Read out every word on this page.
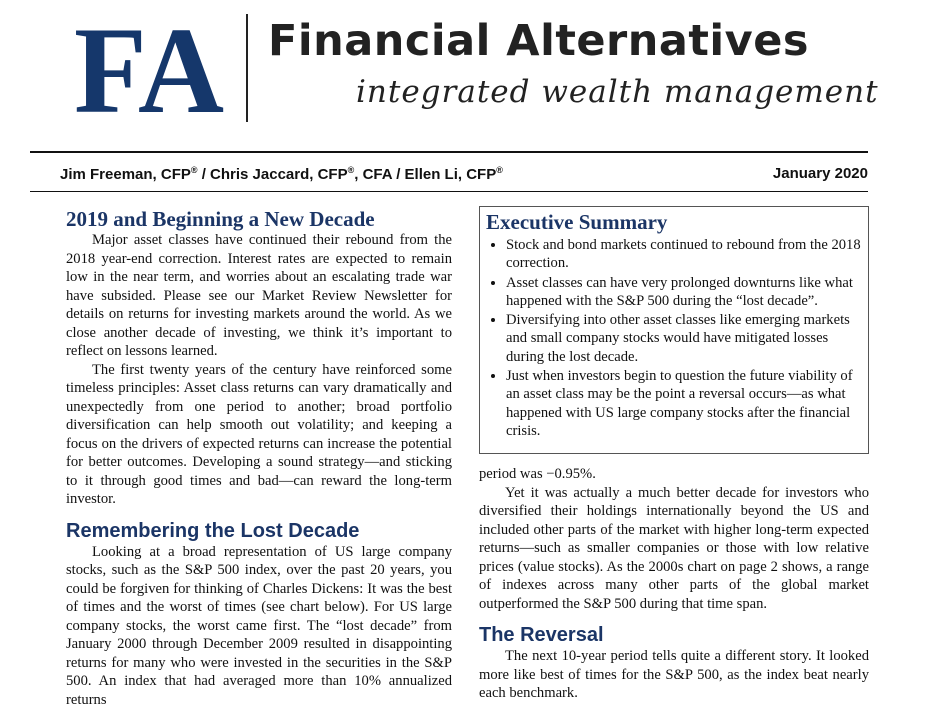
FA Financial Alternatives
integrated wealth management
Jim Freeman, CFP® / Chris Jaccard, CFP®, CFA / Ellen Li, CFP®	January 2020
2019 and Beginning a New Decade

Major asset classes have continued their rebound from the 2018 year-end correction. Interest rates are expected to remain low in the near term, and worries about an escalating trade war have subsided. Please see our Market Review Newsletter for details on returns for investing markets around the world. As we close another decade of investing, we think it’s important to reflect on lessons learned.

The first twenty years of the century have reinforced some timeless principles: Asset class returns can vary dramatically and unexpectedly from one period to another; broad portfolio diversification can help smooth out volatility; and keeping a focus on the drivers of expected returns can increase the potential for better outcomes. Developing a sound strategy—and sticking to it through good times and bad—can reward the long-term investor.

Remembering the Lost Decade

Looking at a broad representation of US large company stocks, such as the S&P 500 index, over the past 20 years, you could be forgiven for thinking of Charles Dickens: It was the best of times and the worst of times (see chart below). For US large company stocks, the worst came first. The “lost decade” from January 2000 through December 2009 resulted in disappointing returns for many who were invested in the securities in the S&P 500. An index that had averaged more than 10% annualized returns

Executive Summary
• Stock and bond markets continued to rebound from the 2018 correction.
• Asset classes can have very prolonged downturns like what happened with the S&P 500 during the “lost decade”.
• Diversifying into other asset classes like emerging markets and small company stocks would have mitigated losses during the lost decade.
• Just when investors begin to question the future viability of an asset class may be the point a reversal occurs—as what happened with US large company stocks after the financial crisis.

period was −0.95%.

Yet it was actually a much better decade for investors who diversified their holdings internationally beyond the US and included other parts of the market with higher long-term expected returns—such as smaller companies or those with low relative prices (value stocks). As the 2000s chart on page 2 shows, a range of indexes across many other parts of the global market outperformed the S&P 500 during that time span.

The Reversal

The next 10-year period tells quite a different story. It looked more like best of times for the S&P 500, as the index beat nearly each benchmark.
